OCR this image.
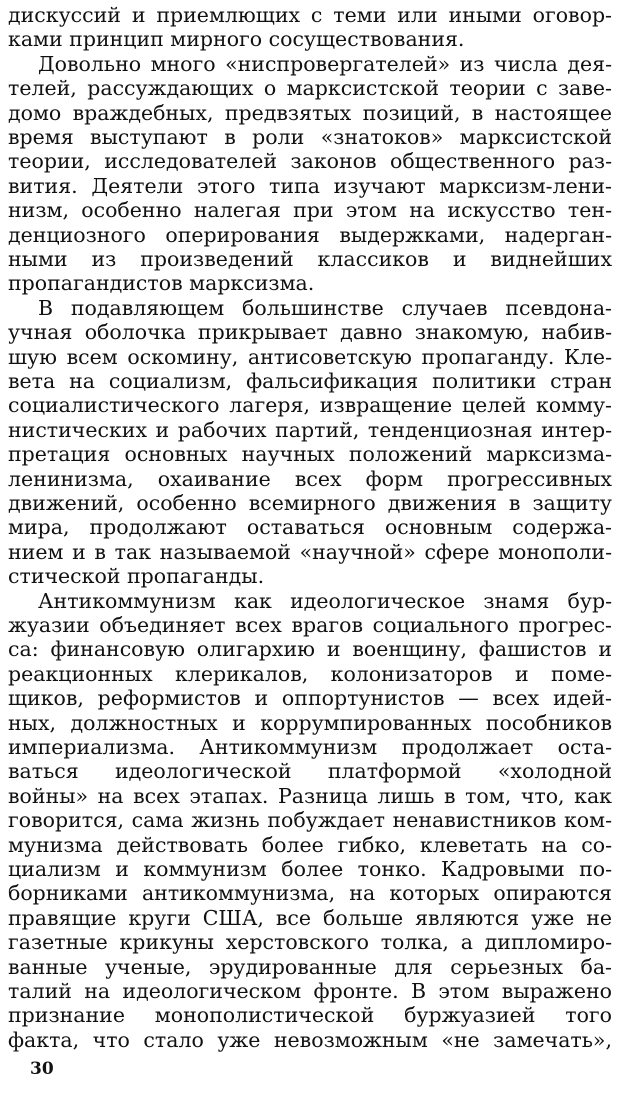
дискуссий и приемлющих с теми или иными оговор-
ками принцип мирного сосуществования.
Довольно много «ниспровергателей» из числа дея-
телей, рассуждающих о марксистской теории с заве-
домо враждебных, предвзятых позиций, в настоящее
время выступают в роли «знатоков» марксистской
теории, исследователей законов общественного раз-
вития. Деятели этого типа изучают марксизм-лени-
низм, особенно налегая при этом на искусство тен-
денциозного оперирования выдержками, надерган-
ными из произведений классиков и виднейших
пропагандистов марксизма.
В подавляющем большинстве случаев псевдона-
учная оболочка прикрывает давно знакомую, набив-
шую всем оскомину, антисоветскую пропаганду. Кле-
вета на социализм, фальсификация политики стран
социалистического лагеря, извращение целей комму-
нистических и рабочих партий, тенденциозная интер-
претация основных научных положений марксизма-
ленинизма, охаивание всех форм прогрессивных
движений, особенно всемирного движения в защиту
мира, продолжают оставаться основным содержа-
нием и в так называемой «научной» сфере монополи-
стической пропаганды.
Антикоммунизм как идеологическое знамя бур-
жуазии объединяет всех врагов социального прогрес-
са: финансовую олигархию и военщину, фашистов и
реакционных клерикалов, колонизаторов и поме-
щиков, реформистов и оппортунистов — всех идей-
ных, должностных и коррумпированных пособников
империализма. Антикоммунизм продолжает оста-
ваться идеологической платформой «холодной
войны» на всех этапах. Разница лишь в том, что, как
говорится, сама жизнь побуждает ненавистников ком-
мунизма действовать более гибко, клеветать на со-
циализм и коммунизм более тонко. Кадровыми по-
борниками антикоммунизма, на которых опираются
правящие круги США, все больше являются уже не
газетные крикуны херстовского толка, а дипломиро-
ванные ученые, эрудированные для серьезных ба-
талий на идеологическом фронте. В этом выражено
признание монополистической буржуазией того
факта, что стало уже невозможным «не замечать»,
30
